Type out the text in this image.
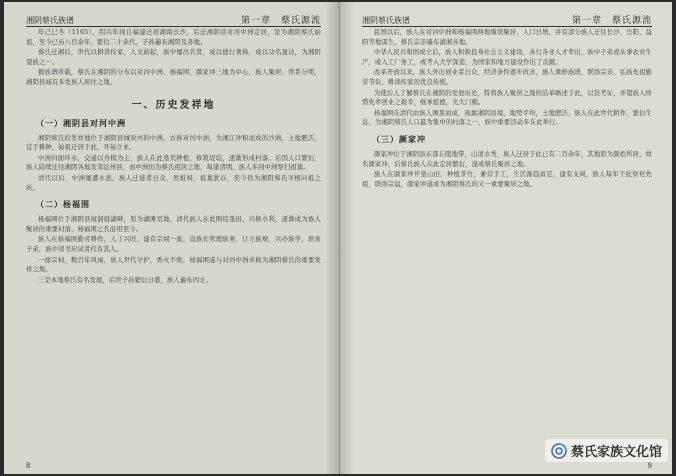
湘阴蔡氏族谱	第一章　蔡氏源流

年己巳冬（1165），绍兴年间自福建迁居湖南长沙，后迁湘阴县对河中洲定居，是为湘阴蔡氏始祖，至今已历八百余年，繁衍二十余代，子孙遍布湘阴及各地。

蔡氏迁湘后，世代以耕读传家，人文蔚起，族中屡出名贤，或以德行著称，或以功名显达，为湘阴望族之一。

据族谱所载，蔡氏在湘阴的分布以对河中洲、杨福围、颜家冲三地为中心，族人聚居，世系分明，湘阴县域有多处族人居住之地。

一、历史发祥地
（一）湘阴县对河中洲

湘阴蔡氏的发祥地位于湘阴县城对河的中洲，古称对河中洲，为湘江冲积而成的沙洲，土地肥沃，宜于耕种，始祖迁居于此，开基立业。

中洲四面环水，交通以舟楫为主，族人在此垦荒种植，修筑堤垸，逐渐形成村落。后因人口繁衍，族人陆续迁往湘阴各地及邻近州县，而中洲仍为蔡氏祖居之地，每逢清明，族人多回中洲祭扫祖墓。

清代以后，中洲屡遭水患，族人迁徙者日众，然祖祠、祖墓犹存，至今仍为湘阴蔡氏寻根问祖之所。

（二）杨福围

杨福围位于湘阴县境洞庭湖畔，原为湖滩荒地，清代族人在此围垸垦田，兴修水利，逐渐成为族人聚居的重要村落，杨福围之名沿用至今。

族人在杨福围勤劳耕作，人丁兴旺，建有宗祠一座，设族长管理族务，订立族规，兴办族学，培育子弟，族中读书应试者代有其人。

一座宗祠，数百年风雨，族人世代守护，香火不绝，杨福围遂与对河中洲并称为湘阴蔡氏的重要发祥之地。

三是本地蔡氏有名发展，后世子孙繁衍日盛，族人遍布四方。

8
湘阴蔡氏族谱	第一章　蔡氏源流

民国以后，族人在对河中洲和杨福围两地继续聚居，人口日增，并有部分族人迁往长沙、岳阳、益阳等地谋生，蔡氏宗亲遍布湖湘各地。

中华人民共和国成立后，族人积极投身社会主义建设，各行各业人才辈出，族中子弟或从事农业生产，或入工厂务工，或考入大学深造，为国家和地方建设作出了贡献。

改革开放以来，族人外出创业者日众，经济条件逐步改善，族人重修族谱，联络宗亲，弘扬先祖勤劳节俭、耕读传家的优良传统。

为使后人了解蔡氏在湘阴的发展历史，特将族人聚居之地的沿革略述于此，以资考证，并望族人珍惜先辈创业之艰辛，继承祖德，光大门楣。

杨福围在清代由族人围垦而成，现属湘阴县境，地势平坦，土地肥沃，族人在此世代耕作，繁衍生息，为湘阴蔡氏人口最为集中的村落之一，族中重要活动多在此举行。

（三）颜家冲

颜家冲位于湘阴县东部丘陵地带，山清水秀，族人迁居于此已有二百余年，其地原为颜姓所居，故名颜家冲，后蔡氏族人在此定居繁衍，遂成蔡氏聚居之地。

族人在颜家冲开垦山田，种植茶竹，兼营手工，生活渐趋富足，建有支祠，族人每年于此祭祀先祖，联络宗谊，颜家冲遂成为湘阴蔡氏的又一重要聚居之地。

9
蔡氏家族文化馆
